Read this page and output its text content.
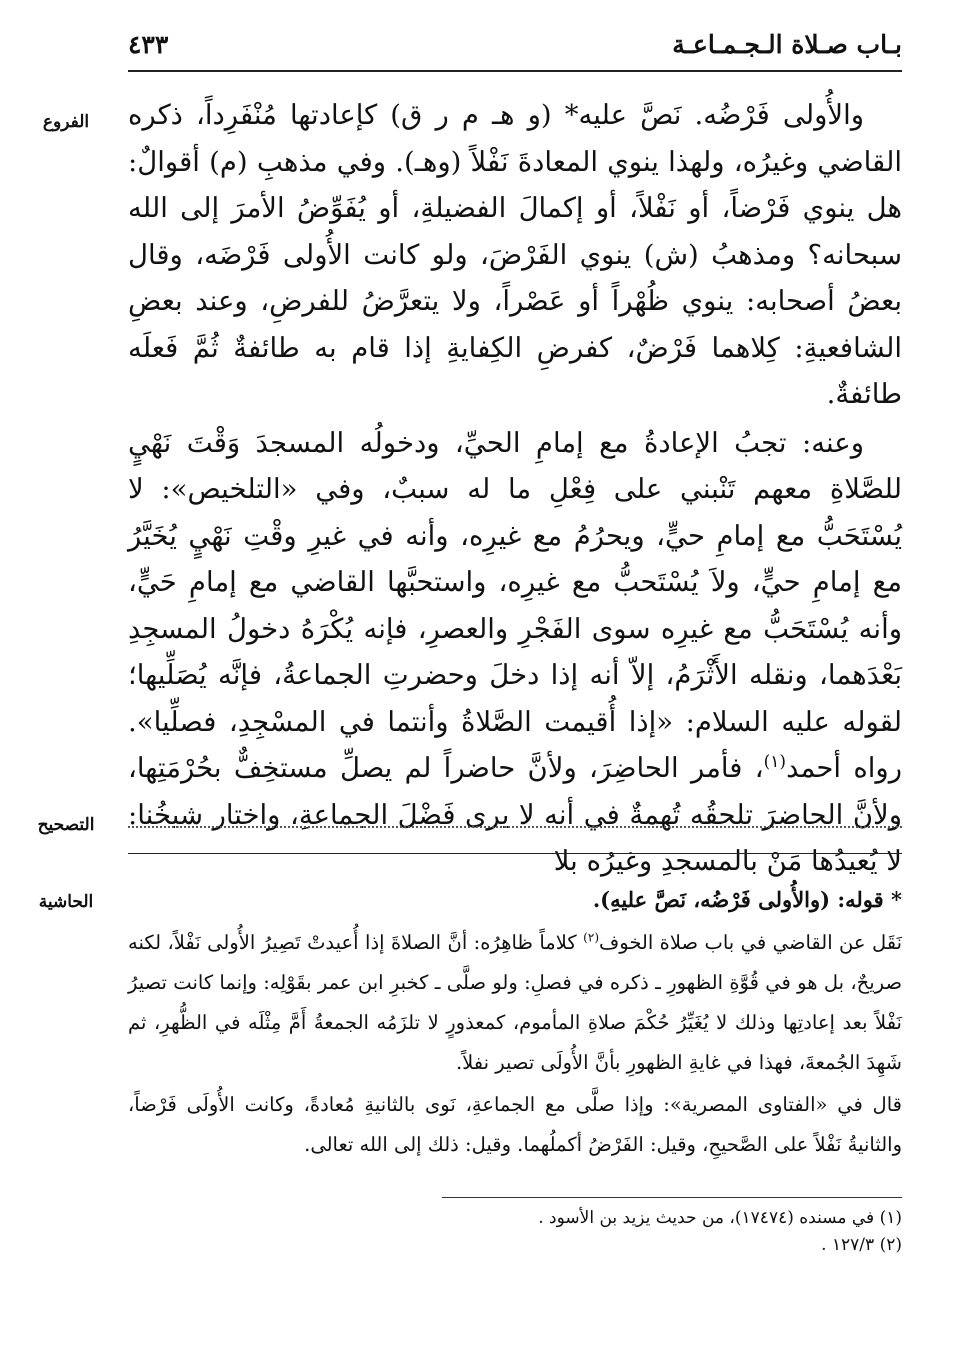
بـاب صـلاة الـجـمـاعـة
٤٣٣
الفروع
التصحيح
الحاشية

والأُولى فَرْضُه. نَصَّ عليه* (و هـ م ر ق) كإعادتها مُنْفَرِداً، ذكره القاضي وغيرُه، ولهذا ينوي المعادةَ نَفْلاً (وهـ). وفي مذهبِ (م) أقوالٌ: هل ينوي فَرْضاً، أو نَفْلاً، أو إكمالَ الفضيلةِ، أو يُفَوِّضُ الأمرَ إلى الله سبحانه؟ ومذهبُ (ش) ينوي الفَرْضَ، ولو كانت الأُولى فَرْضَه، وقال بعضُ أصحابه: ينوي ظُهْراً أو عَصْراً، ولا يتعرَّضُ للفرضِ، وعند بعضِ الشافعيةِ: كِلاهما فَرْضٌ، كفرضِ الكِفايةِ إذا قام به طائفةٌ ثُمَّ فَعلَه طائفةٌ.

وعنه: تجبُ الإعادةُ مع إمامِ الحيِّ، ودخولُه المسجدَ وَقْتَ نَهْيٍ للصَّلاةِ معهم تَنْبني على فِعْلِ ما له سببٌ، وفي «التلخيص»: لا يُسْتَحَبُّ مع إمامِ حيٍّ، ويحرُمُ مع غيرِه، وأنه في غيرِ وقْتِ نَهْيٍ يُخَيَّرُ مع إمامِ حيٍّ، ولاَ يُسْتَحبُّ مع غيرِه، واستحبَّها القاضي مع إمامِ حَيٍّ، وأنه يُسْتَحَبُّ مع غيرِه سوى الفَجْرِ والعصرِ، فإنه يُكْرَهُ دخولُ المسجِدِ بَعْدَهما، ونقله الأَثْرَمُ، إلاّ أنه إذا دخلَ وحضرتِ الجماعةُ، فإنَّه يُصَلِّيها؛ لقوله عليه السلام: «إذا أُقيمت الصَّلاةُ وأنتما في المسْجِدِ، فصلِّيا». رواه أحمد$^{(١)}$، فأمر الحاضِرَ، ولأنَّ حاضراً لم يصلِّ مستخِفٌّ بحُرْمَتِها، ولأنَّ الحاضرَ تلحقُه تُهمةٌ في أنه لا يرى فَضْلَ الجماعةِ، واختار شيخُنا: لا يُعيدُها مَنْ بالمسجدِ وغيرُه بلا

* قوله: (والأُولى فَرْضُه، نَصَّ عليهِ).

نَقَل عن القاضي في باب صلاة الخوف$^{(٢)}$ كلاماً ظاهِرُه: أنَّ الصلاةَ إذا أُعيدتْ تَصِيرُ الأُولى نَفْلاً، لكنه صريحٌ، بل هو في قُوَّةِ الظهورِ ـ ذكره في فصلِ: ولو صلَّى ـ كخبرِ ابن عمر بقَوْلِه: وإنما كانت تصيرُ نَفْلاً بعد إعادتِها وذلك لا يُغَيِّرُ حُكْمَ صلاةِ المأموم، كمعذورٍ لا تلزَمُه الجمعةُ أَمَّ مِثْلَه في الظُّهرِ، ثم شَهِدَ الجُمعةَ، فهذا في غايةِ الظهورِ بأنَّ الأُولَى تصير نفلاً.

قال في «الفتاوى المصرية»: وإذا صلَّى مع الجماعةِ، نَوى بالثانيةِ مُعادةً، وكانت الأُولَى فَرْضاً، والثانيةُ نَفْلاً على الصَّحيحِ، وقيل: الفَرْضُ أكملُهما. وقيل: ذلك إلى الله تعالى.

(١) في مسنده (١٧٤٧٤)، من حديث يزيد بن الأسود .
(٢) ١٢٧/٣ .
